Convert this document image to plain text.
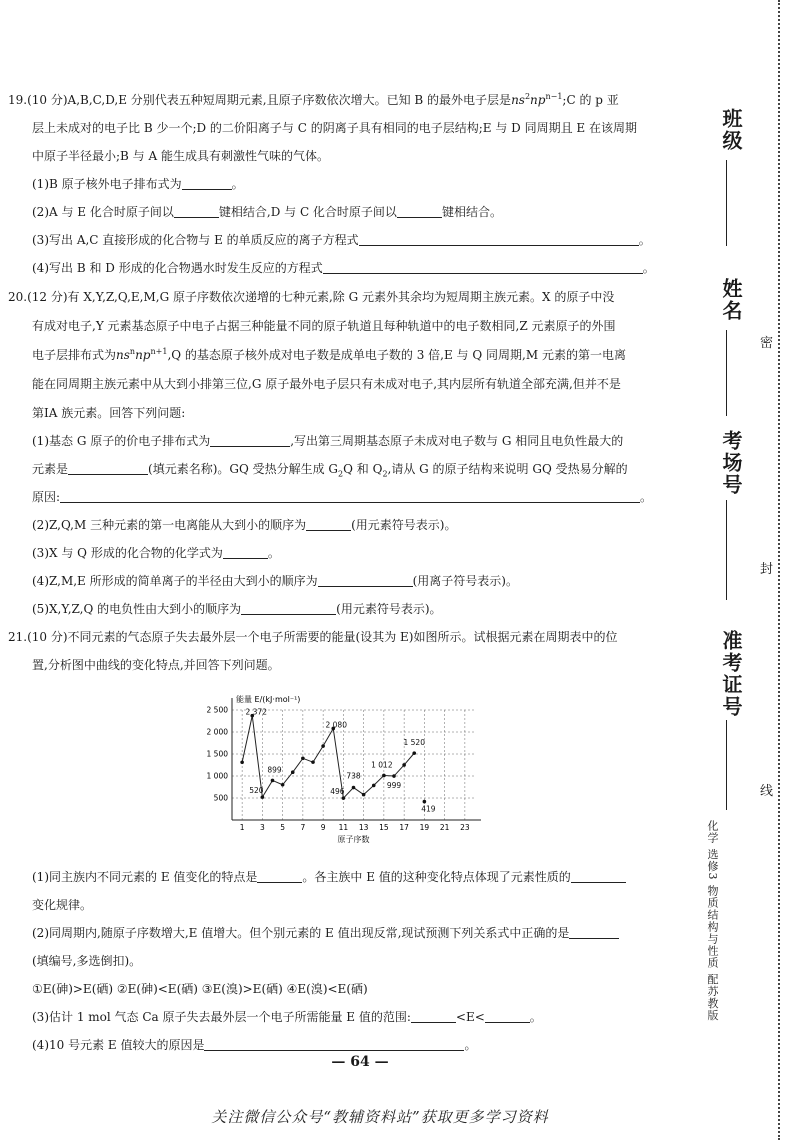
19.(10 分)A,B,C,D,E 分别代表五种短周期元素,且原子序数依次增大。已知 B 的最外电子层是$ns^2np^{n-1};C$ 的 p 亚
层上未成对的电子比 B 少一个;D 的二价阳离子与 C 的阴离子具有相同的电子层结构;E 与 D 同周期且 E 在该周期
中原子半径最小;B 与 A 能生成具有刺激性气味的气体。
(1)B 原子核外电子排布式为	。
(2)A 与 E 化合时原子间以	键相结合,D 与 C 化合时原子间以	键相结合。
(3)写出 A,C 直接形成的化合物与 E 的单质反应的离子方程式	。
(4)写出 B 和 D 形成的化合物遇水时发生反应的方程式	。
20.(12 分)有 X,Y,Z,Q,E,M,G 原子序数依次递增的七种元素,除 G 元素外其余均为短周期主族元素。X 的原子中没
有成对电子,Y 元素基态原子中电子占据三种能量不同的原子轨道且每种轨道中的电子数相同,Z 元素原子的外围
电子层排布式为$ns^nnp^{n+1},Q$ 的基态原子核外成对电子数是成单电子数的 3 倍,E 与 Q 同周期,M 元素的第一电离
能在同周期主族元素中从大到小排第三位,G 原子最外电子层只有未成对电子,其内层所有轨道全部充满,但并不是
第ⅠA 族元素。回答下列问题:
(1)基态 G 原子的价电子排布式为	,写出第三周期基态原子未成对电子数与 G 相同且电负性最大的
元素是	(填元素名称)。GQ 受热分解生成 $G_2Q$ 和 $Q_2$,请从 G 的原子结构来说明 GQ 受热易分解的
原因:	。
(2)Z,Q,M 三种元素的第一电离能从大到小的顺序为	(用元素符号表示)。
(3)X 与 Q 形成的化合物的化学式为	。
(4)Z,M,E 所形成的简单离子的半径由大到小的顺序为	(用离子符号表示)。
(5)X,Y,Z,Q 的电负性由大到小的顺序为	(用元素符号表示)。
21.(10 分)不同元素的气态原子失去最外层一个电子所需要的能量(设其为 E)如图所示。试根据元素在周期表中的位
置,分析图中曲线的变化特点,并回答下列问题。
(1)同主族内不同元素的 E 值变化的特点是	。各主族中 E 值的这种变化特点体现了元素性质的
变化规律。
(2)同周期内,随原子序数增大,E 值增大。但个别元素的 E 值出现反常,现试预测下列关系式中正确的是
(填编号,多选倒扣)。
①E(砷)>E(硒) ②E(砷)<E(硒) ③E(溴)>E(硒) ④E(溴)<E(硒)
(3)估计 1 mol 气态 Ca 原子失去最外层一个电子所需能量 E 值的范围:	<E<	。
(4)10 号元素 E 值较大的原因是	。
能量 E/(kJ·mol⁻¹)
原子序数
1 3 5 7 9 11 13 15 17 19 21 23
500
1 000
1 500
2 000
2 500 2 372
520
899
2 080
496
738
1 012
999
1 520
419
— 64 —
关注微信公众号“教辅资料站”获取更多学习资料
班级
姓名
考场号
准考证号
密
封
线
化学 选修3 物质结构与性质 配苏教版
